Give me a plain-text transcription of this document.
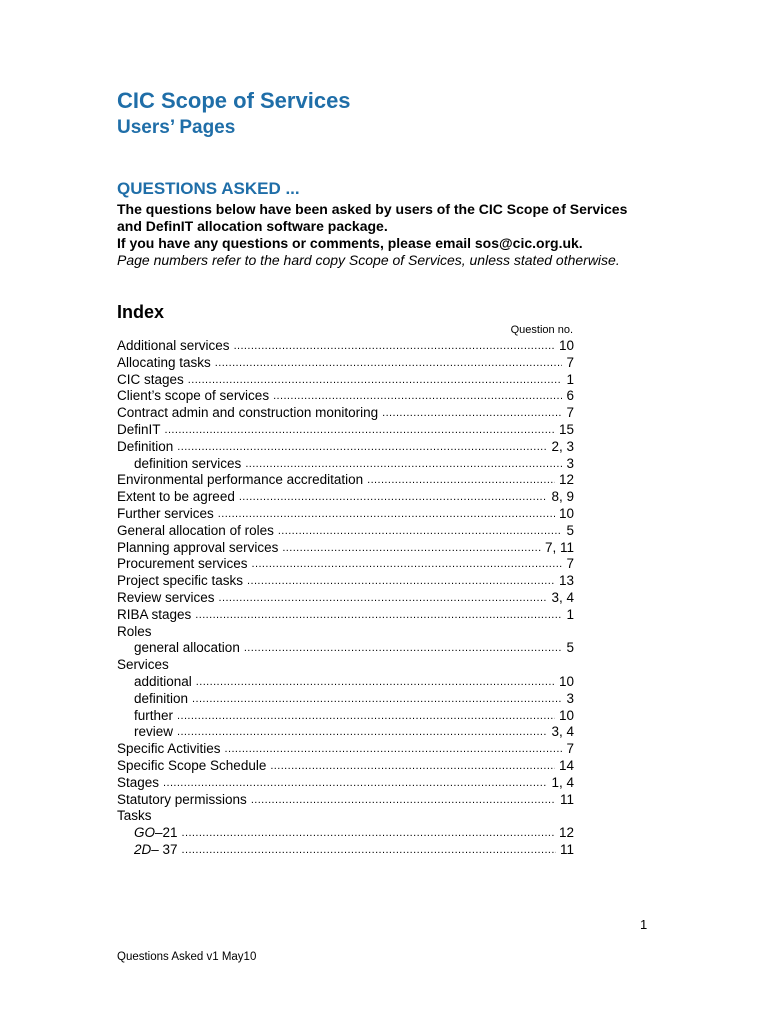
CIC Scope of Services
Users’ Pages
QUESTIONS ASKED ...

The questions below have been asked by users of the CIC Scope of Services and DefinIT allocation software package.

If you have any questions or comments, please email sos@cic.org.uk.

Page numbers refer to the hard copy Scope of Services, unless stated otherwise.

Index
Question no.
Additional services .....	10
Allocating tasks .....	7
CIC stages .....	1
Client’s scope of services .....	6
Contract admin and construction monitoring .....	7
DefinIT .....	15
Definition .....	2, 3
definition services .....	3
Environmental performance accreditation .....	12
Extent to be agreed .....	8, 9
Further services .....	10
General allocation of roles .....	5
Planning approval services .....	7, 11
Procurement services .....	7
Project specific tasks .....	13
Review services .....	3, 4
RIBA stages .....	1
Roles
general allocation .....	5
Services
additional .....	10
definition .....	3
further .....	10
review .....	3, 4
Specific Activities .....	7
Specific Scope Schedule .....	14
Stages .....	1, 4
Statutory permissions .....	11
Tasks
GO–21 .....	12
2D– 37 .....	11
1
Questions Asked v1 May10
